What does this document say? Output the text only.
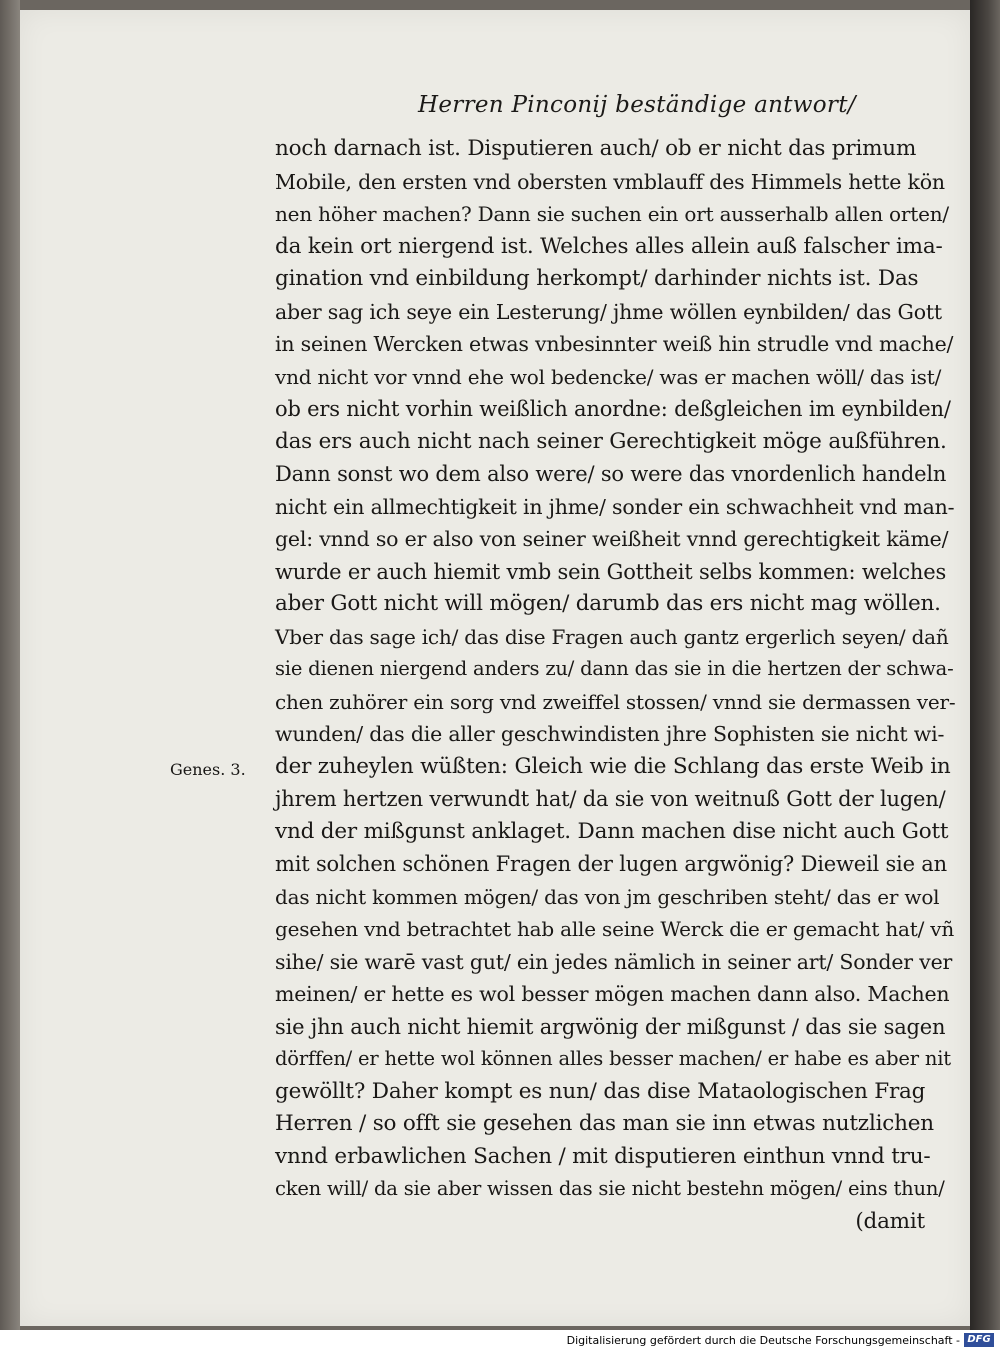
Herren Pinconij beständige antwort/
Genes. 3.
noch darnach ist. Disputieren auch/ ob er nicht das primum
Mobile, den ersten vnd obersten vmblauff des Himmels hette kön
nen höher machen? Dann sie suchen ein ort ausserhalb allen orten/
da kein ort niergend ist. Welches alles allein auß falscher ima-
gination vnd einbildung herkompt/ darhinder nichts ist. Das
aber sag ich seye ein Lesterung/ jhme wöllen eynbilden/ das Gott
in seinen Wercken etwas vnbesinnter weiß hin strudle vnd mache/
vnd nicht vor vnnd ehe wol bedencke/ was er machen wöll/ das ist/
ob ers nicht vorhin weißlich anordne: deßgleichen im eynbilden/
das ers auch nicht nach seiner Gerechtigkeit möge außführen.
Dann sonst wo dem also were/ so were das vnordenlich handeln
nicht ein allmechtigkeit in jhme/ sonder ein schwachheit vnd man-
gel: vnnd so er also von seiner weißheit vnnd gerechtigkeit käme/
wurde er auch hiemit vmb sein Gottheit selbs kommen: welches
aber Gott nicht will mögen/ darumb das ers nicht mag wöllen.
Vber das sage ich/ das dise Fragen auch gantz ergerlich seyen/ dañ
sie dienen niergend anders zu/ dann das sie in die hertzen der schwa-
chen zuhörer ein sorg vnd zweiffel stossen/ vnnd sie dermassen ver-
wunden/ das die aller geschwindisten jhre Sophisten sie nicht wi-
der zuheylen wüßten: Gleich wie die Schlang das erste Weib in
jhrem hertzen verwundt hat/ da sie von weitnuß Gott der lugen/
vnd der mißgunst anklaget. Dann machen dise nicht auch Gott
mit solchen schönen Fragen der lugen argwönig? Dieweil sie an
das nicht kommen mögen/ das von jm geschriben steht/ das er wol
gesehen vnd betrachtet hab alle seine Werck die er gemacht hat/ vñ
sihe/ sie warē vast gut/ ein jedes nämlich in seiner art/ Sonder ver
meinen/ er hette es wol besser mögen machen dann also. Machen
sie jhn auch nicht hiemit argwönig der mißgunst / das sie sagen
dörffen/ er hette wol können alles besser machen/ er habe es aber nit
gewöllt? Daher kompt es nun/ das dise Mataologischen Frag
Herren / so offt sie gesehen das man sie inn etwas nutzlichen
vnnd erbawlichen Sachen / mit disputieren einthun vnnd tru-
cken will/ da sie aber wissen das sie nicht bestehn mögen/ eins thun/
(damit
Digitalisierung gefördert durch die Deutsche Forschungsgemeinschaft - DFG
